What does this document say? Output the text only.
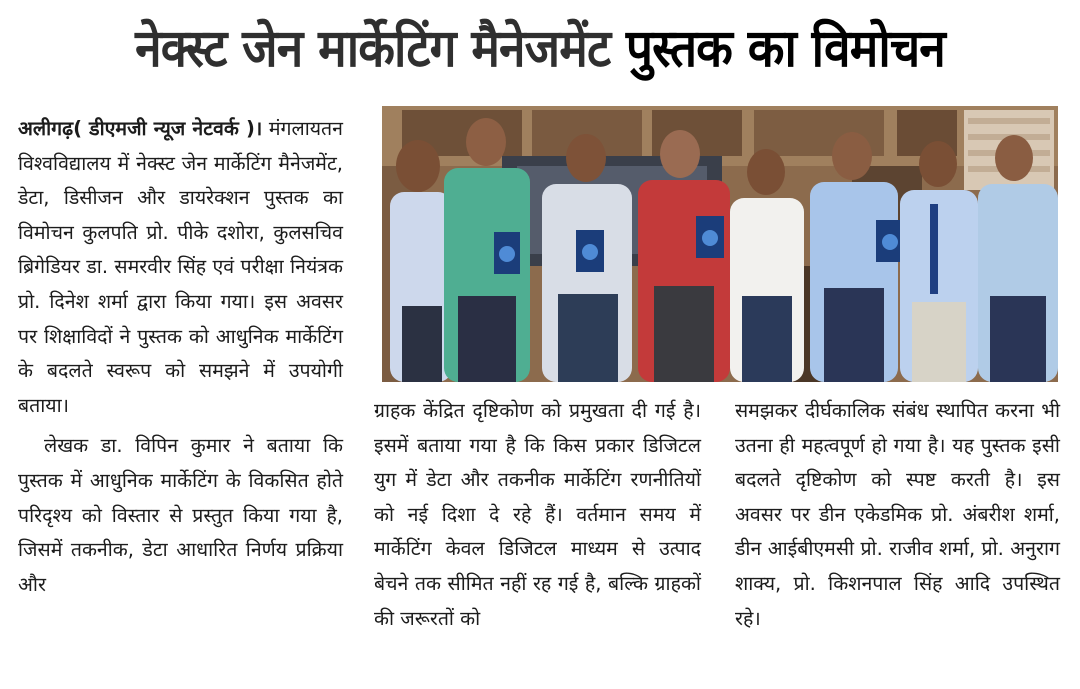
नेक्स्ट जेन मार्केटिंग मैनेजमेंट पुस्तक का विमोचन

अलीगढ़( डीएमजी न्यूज नेटवर्क )। मंगलायतन विश्वविद्यालय में नेक्स्ट जेन मार्केटिंग मैनेजमेंट, डेटा, डिसीजन और डायरेक्शन पुस्तक का विमोचन कुलपति प्रो. पीके दशोरा, कुलसचिव ब्रिगेडियर डा. समरवीर सिंह एवं परीक्षा नियंत्रक प्रो. दिनेश शर्मा द्वारा किया गया। इस अवसर पर शिक्षाविदों ने पुस्तक को आधुनिक मार्केटिंग के बदलते स्वरूप को समझने में उपयोगी बताया।

लेखक डा. विपिन कुमार ने बताया कि पुस्तक में आधुनिक मार्केटिंग के विकसित होते परिदृश्य को विस्तार से प्रस्तुत किया गया है, जिसमें तकनीक, डेटा आधारित निर्णय प्रक्रिया और

ग्राहक केंद्रित दृष्टिकोण को प्रमुखता दी गई है। इसमें बताया गया है कि किस प्रकार डिजिटल युग में डेटा और तकनीक मार्केटिंग रणनीतियों को नई दिशा दे रहे हैं। वर्तमान समय में मार्केटिंग केवल डिजिटल माध्यम से उत्पाद बेचने तक सीमित नहीं रह गई है, बल्कि ग्राहकों की जरूरतों को

समझकर दीर्घकालिक संबंध स्थापित करना भी उतना ही महत्वपूर्ण हो गया है। यह पुस्तक इसी बदलते दृष्टिकोण को स्पष्ट करती है। इस अवसर पर डीन एकेडमिक प्रो. अंबरीश शर्मा, डीन आईबीएमसी प्रो. राजीव शर्मा, प्रो. अनुराग शाक्य, प्रो. किशनपाल सिंह आदि उपस्थित रहे।
